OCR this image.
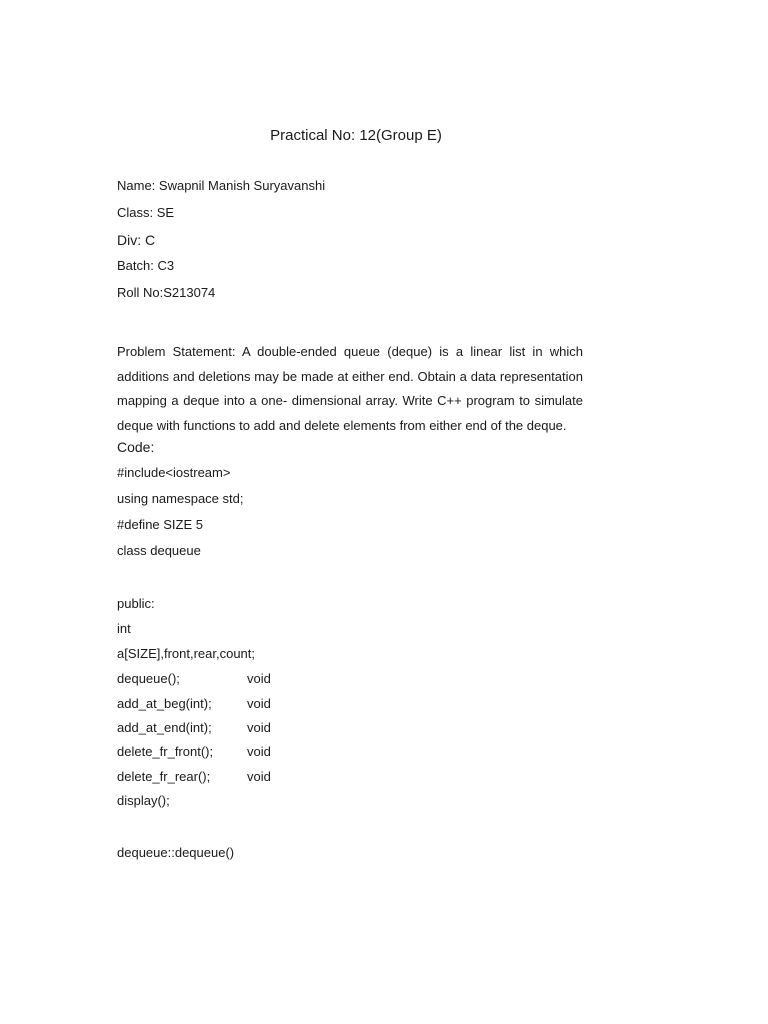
Practical No: 12(Group E)
Name: Swapnil Manish Suryavanshi
Class: SE
Div: C
Batch: C3
Roll No:S213074

Problem Statement: A double-ended queue (deque) is a linear list in which additions and deletions may be made at either end. Obtain a data representation mapping a deque into a one- dimensional array. Write C++ program to simulate deque with functions to add and delete elements from either end of the deque.

Code:
#include<iostream>
using namespace std;
#define SIZE 5
class dequeue
public:
int
a[SIZE],front,rear,count;
dequeue();	void
add_at_beg(int);	void
add_at_end(int);	void
delete_fr_front();	void
delete_fr_rear();	void
display();
dequeue::dequeue()
